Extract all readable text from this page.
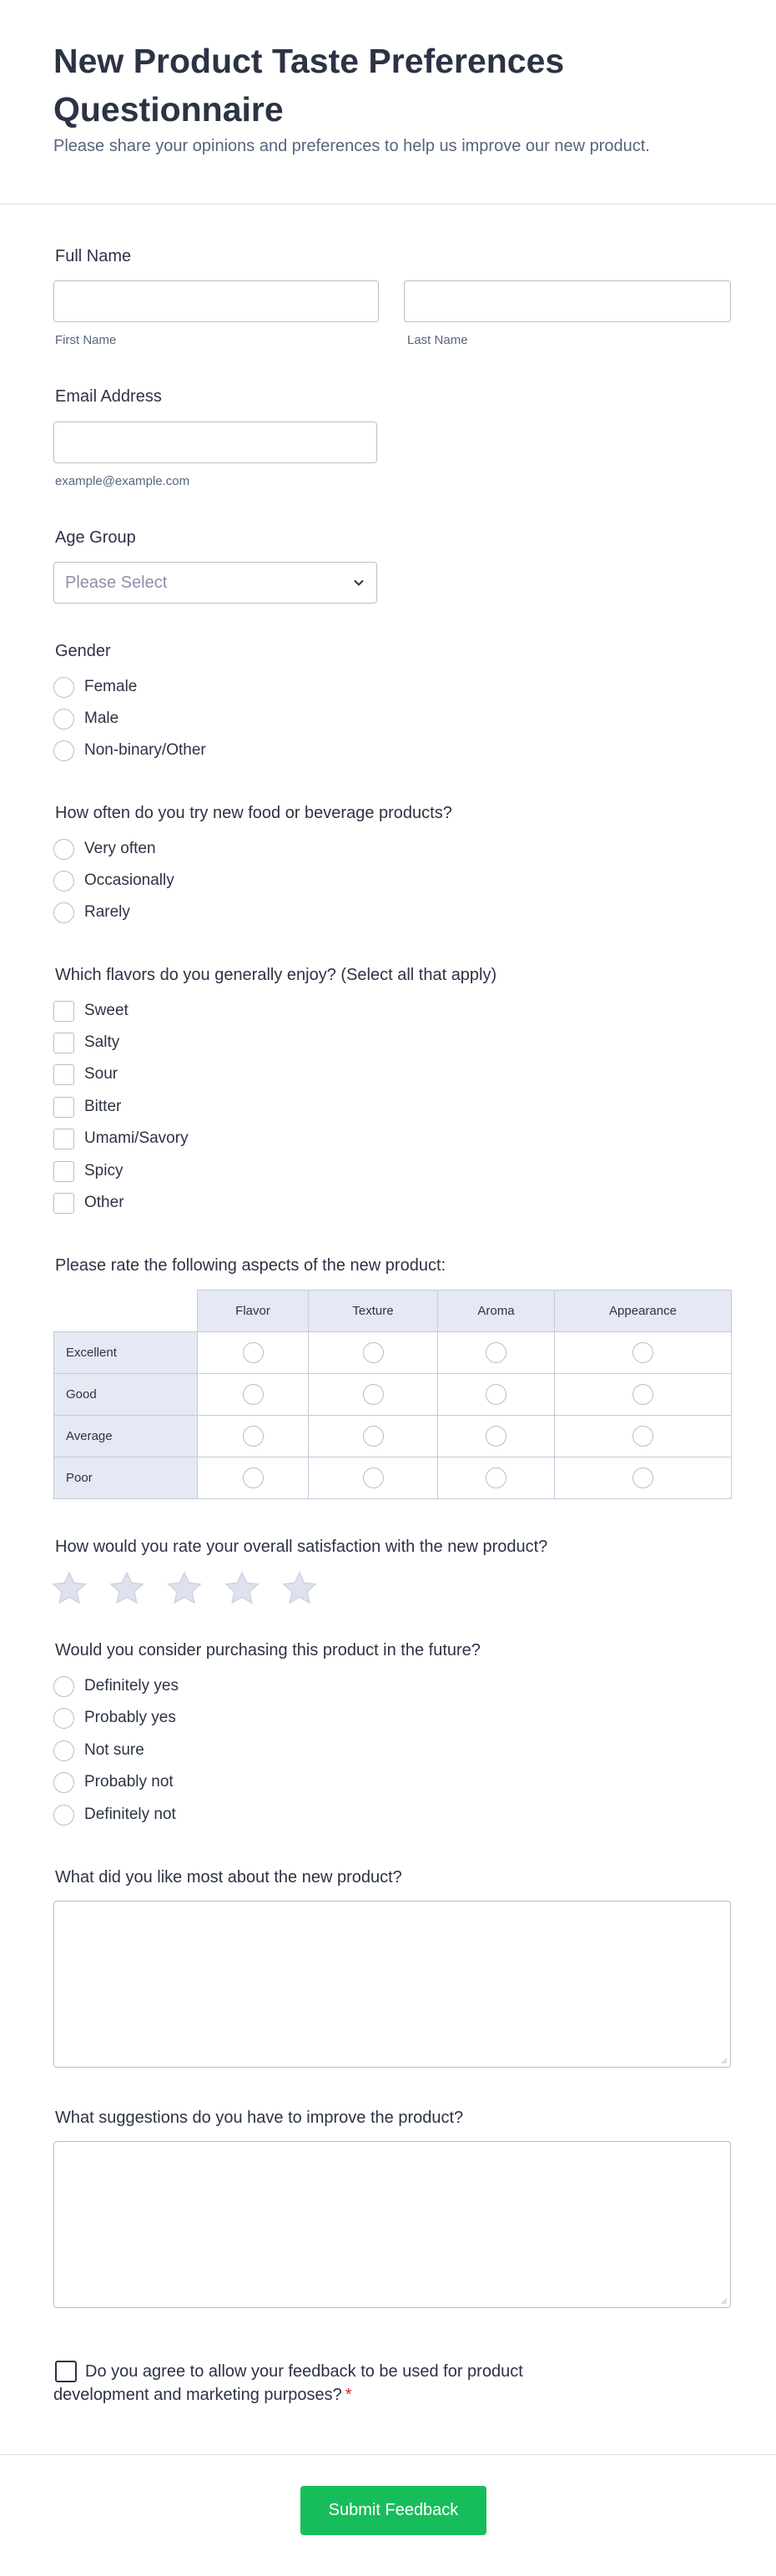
New Product Taste Preferences Questionnaire

Please share your opinions and preferences to help us improve our new product.

Full Name
First Name	Last Name
Email Address
example@example.com
Age Group
Please Select
Gender
Female
Male
Non-binary/Other
How often do you try new food or beverage products?
Very often
Occasionally
Rarely
Which flavors do you generally enjoy? (Select all that apply)
Sweet
Salty
Sour
Bitter
Umami/Savory
Spicy
Other
Please rate the following aspects of the new product:
	Flavor	Texture	Aroma	Appearance
Excellent				
Good				
Average				
Poor				
How would you rate your overall satisfaction with the new product?
Would you consider purchasing this product in the future?
Definitely yes
Probably yes
Not sure
Probably not
Definitely not
What did you like most about the new product?
What suggestions do you have to improve the product?
Do you agree to allow your feedback to be used for product development and marketing purposes? *
Submit Feedback
